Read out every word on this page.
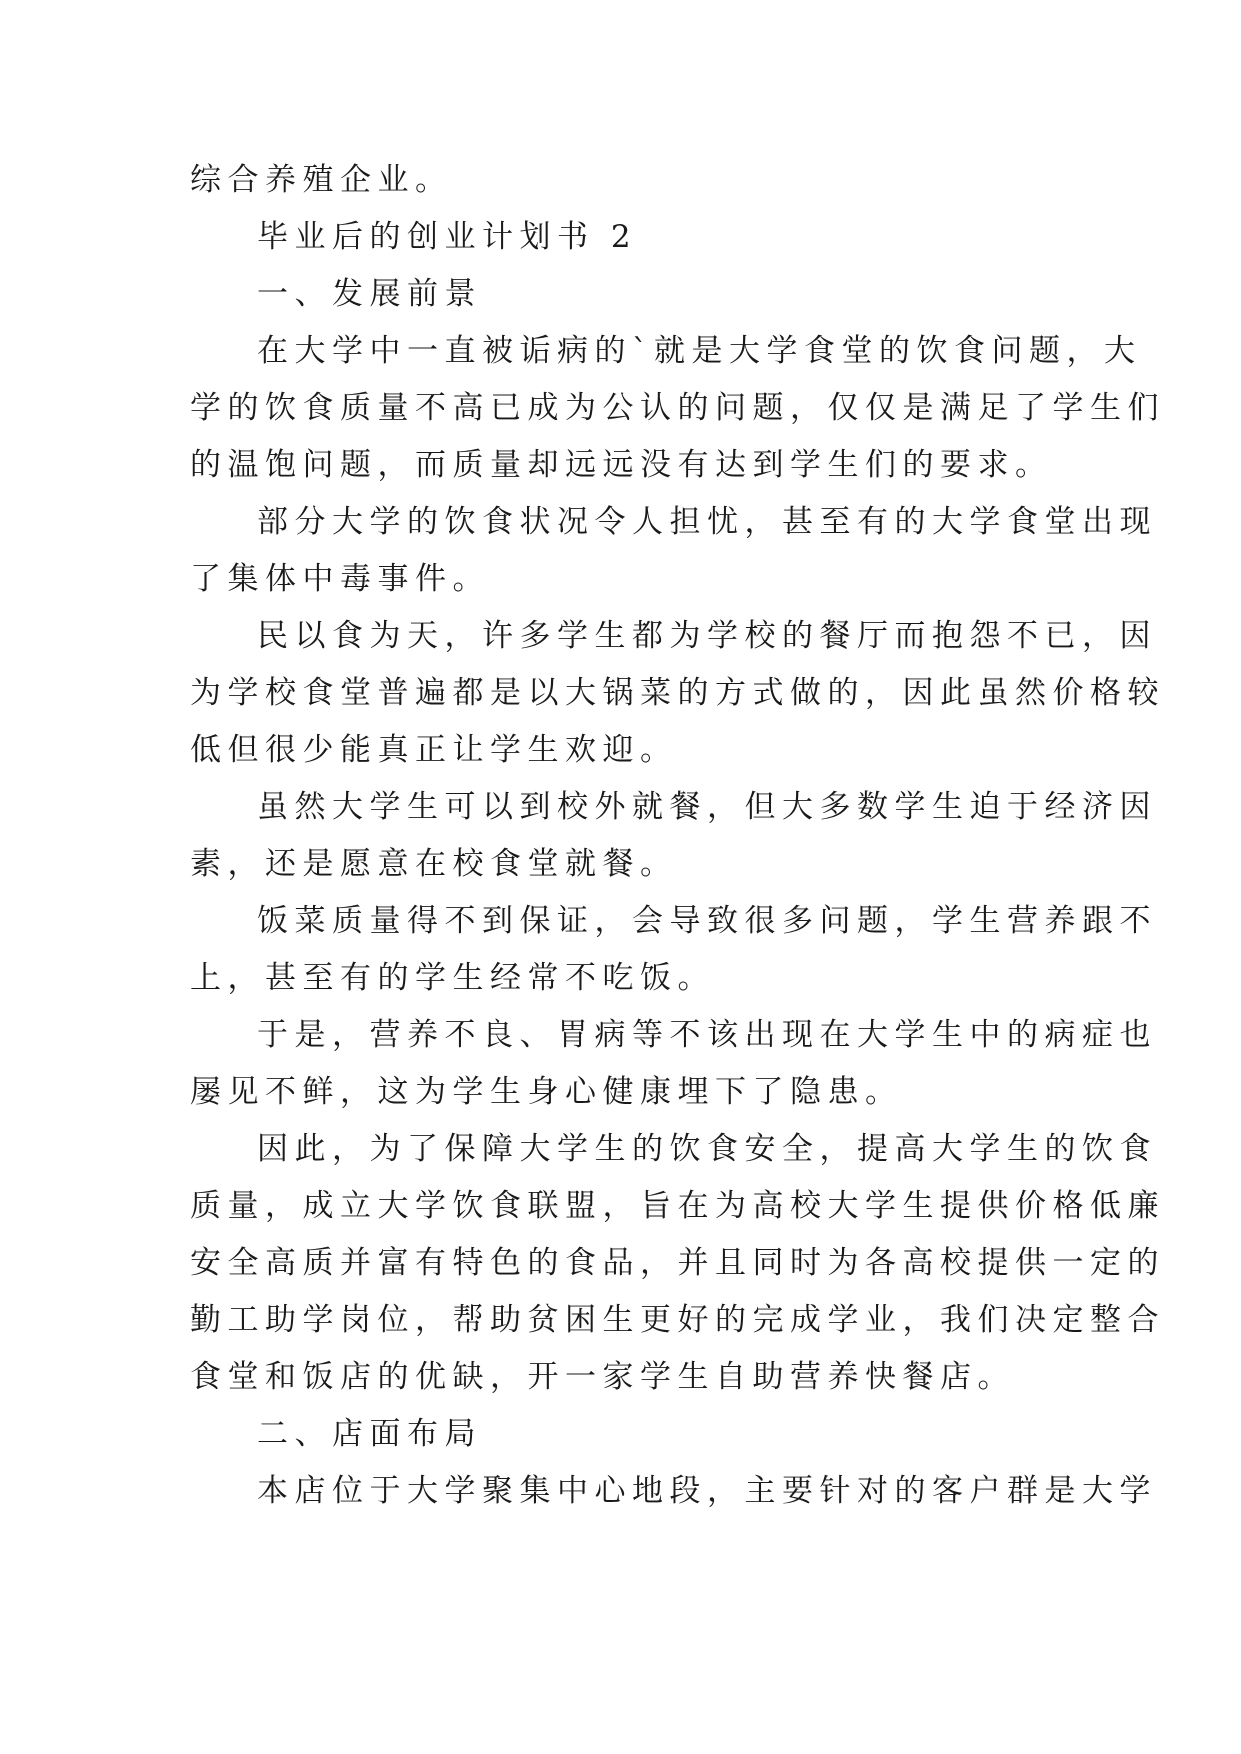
综合养殖企业。
毕业后的创业计划书 2
一、发展前景
在大学中一直被诟病的`就是大学食堂的饮食问题，大
学的饮食质量不高已成为公认的问题，仅仅是满足了学生们
的温饱问题，而质量却远远没有达到学生们的要求。
部分大学的饮食状况令人担忧，甚至有的大学食堂出现
了集体中毒事件。
民以食为天，许多学生都为学校的餐厅而抱怨不已，因
为学校食堂普遍都是以大锅菜的方式做的，因此虽然价格较
低但很少能真正让学生欢迎。
虽然大学生可以到校外就餐，但大多数学生迫于经济因
素，还是愿意在校食堂就餐。
饭菜质量得不到保证，会导致很多问题，学生营养跟不
上，甚至有的学生经常不吃饭。
于是，营养不良、胃病等不该出现在大学生中的病症也
屡见不鲜，这为学生身心健康埋下了隐患。
因此，为了保障大学生的饮食安全，提高大学生的饮食
质量，成立大学饮食联盟，旨在为高校大学生提供价格低廉
安全高质并富有特色的食品，并且同时为各高校提供一定的
勤工助学岗位，帮助贫困生更好的完成学业，我们决定整合
食堂和饭店的优缺，开一家学生自助营养快餐店。
二、店面布局
本店位于大学聚集中心地段，主要针对的客户群是大学
